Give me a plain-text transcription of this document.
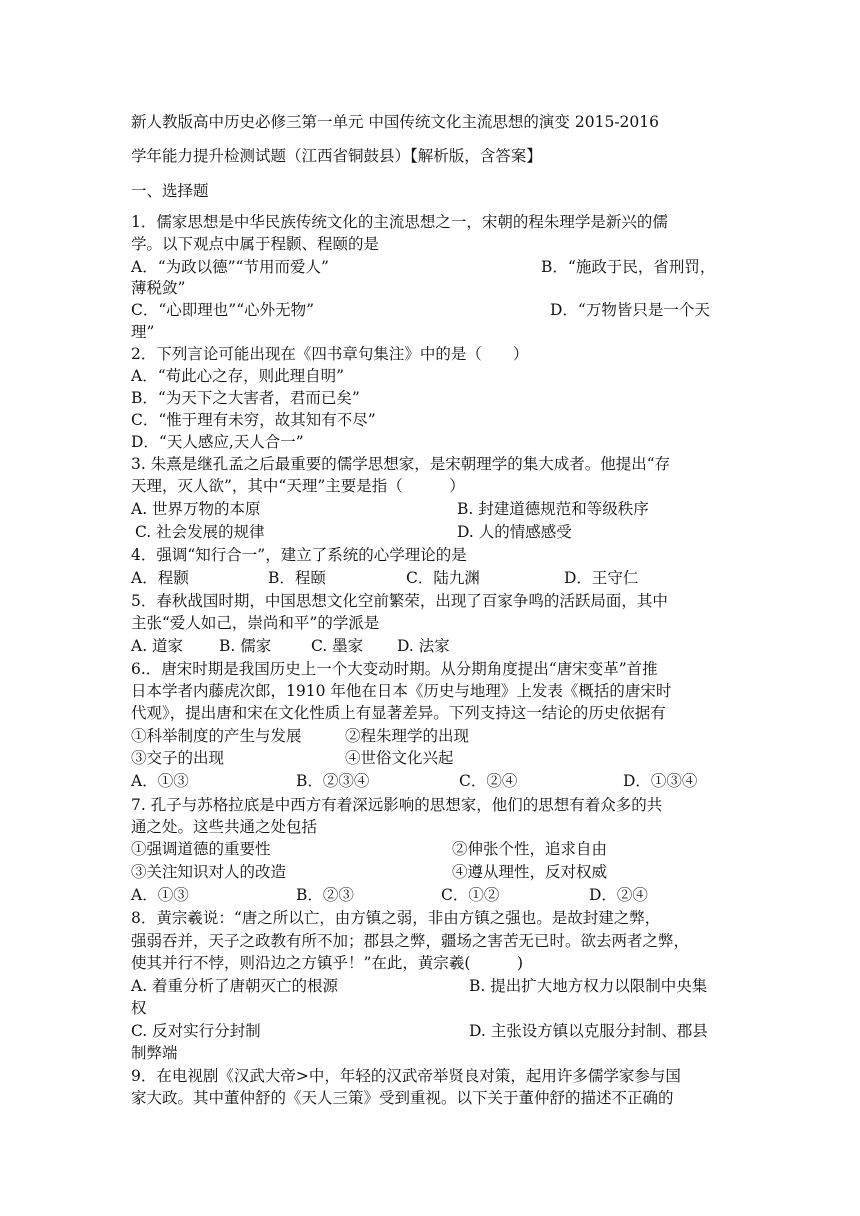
新人教版高中历史必修三第一单元 中国传统文化主流思想的演变 2015-2016
学年能力提升检测试题（江西省铜鼓县）【解析版，含答案】
一、选择题
1．儒家思想是中华民族传统文化的主流思想之一，宋朝的程朱理学是新兴的儒
学。以下观点中属于程颢、程颐的是
A．“为政以德”“节用而爱人”	B．“施政于民，省刑罚，
薄税敛”
C．“心即理也”“心外无物”	D．“万物皆只是一个天
理”
2．下列言论可能出现在《四书章句集注》中的是（　　）
A．“苟此心之存，则此理自明”
B．“为天下之大害者，君而已矣”
C．“惟于理有未穷，故其知有不尽”
D．“天人感应,天人合一”
3. 朱熹是继孔孟之后最重要的儒学思想家，是宋朝理学的集大成者。他提出“存
天理，灭人欲”，其中“天理”主要是指（　　　）
A. 世界万物的本原	B. 封建道德规范和等级秩序
C. 社会发展的规律	D. 人的情感感受
4．强调“知行合一”，建立了系统的心学理论的是
A．程颢	B．程颐	C．陆九渊	D．王守仁
5．春秋战国时期，中国思想文化空前繁荣，出现了百家争鸣的活跃局面，其中
主张“爱人如己，崇尚和平”的学派是
A. 道家 B. 儒家	C. 墨家 D. 法家
6.．唐宋时期是我国历史上一个大变动时期。从分期角度提出“唐宋变革”首推
日本学者内藤虎次郎，1910 年他在日本《历史与地理》上发表《概括的唐宋时
代观》，提出唐和宋在文化性质上有显著差异。下列支持这一结论的历史依据有
①科举制度的产生与发展	②程朱理学的出现
③交子的出现	④世俗文化兴起
A．①③	B．②③④	C．②④	D．①③④
7. 孔子与苏格拉底是中西方有着深远影响的思想家，他们的思想有着众多的共
通之处。这些共通之处包括
①强调道德的重要性	②伸张个性，追求自由
③关注知识对人的改造	④遵从理性，反对权威
A．①③	B．②③	C．①②	D．②④
8．黄宗羲说：“唐之所以亡，由方镇之弱，非由方镇之强也。是故封建之弊，
强弱吞并，天子之政教有所不加；郡县之弊，疆场之害苦无已时。欲去两者之弊，
使其并行不悖，则沿边之方镇乎！”在此，黄宗羲(　　　)
A. 着重分析了唐朝灭亡的根源	B. 提出扩大地方权力以限制中央集
权
C. 反对实行分封制	D. 主张设方镇以克服分封制、郡县
制弊端
9．在电视剧《汉武大帝>中，年轻的汉武帝举贤良对策，起用许多儒学家参与国
家大政。其中董仲舒的《天人三策》受到重视。以下关于董仲舒的描述不正确的
